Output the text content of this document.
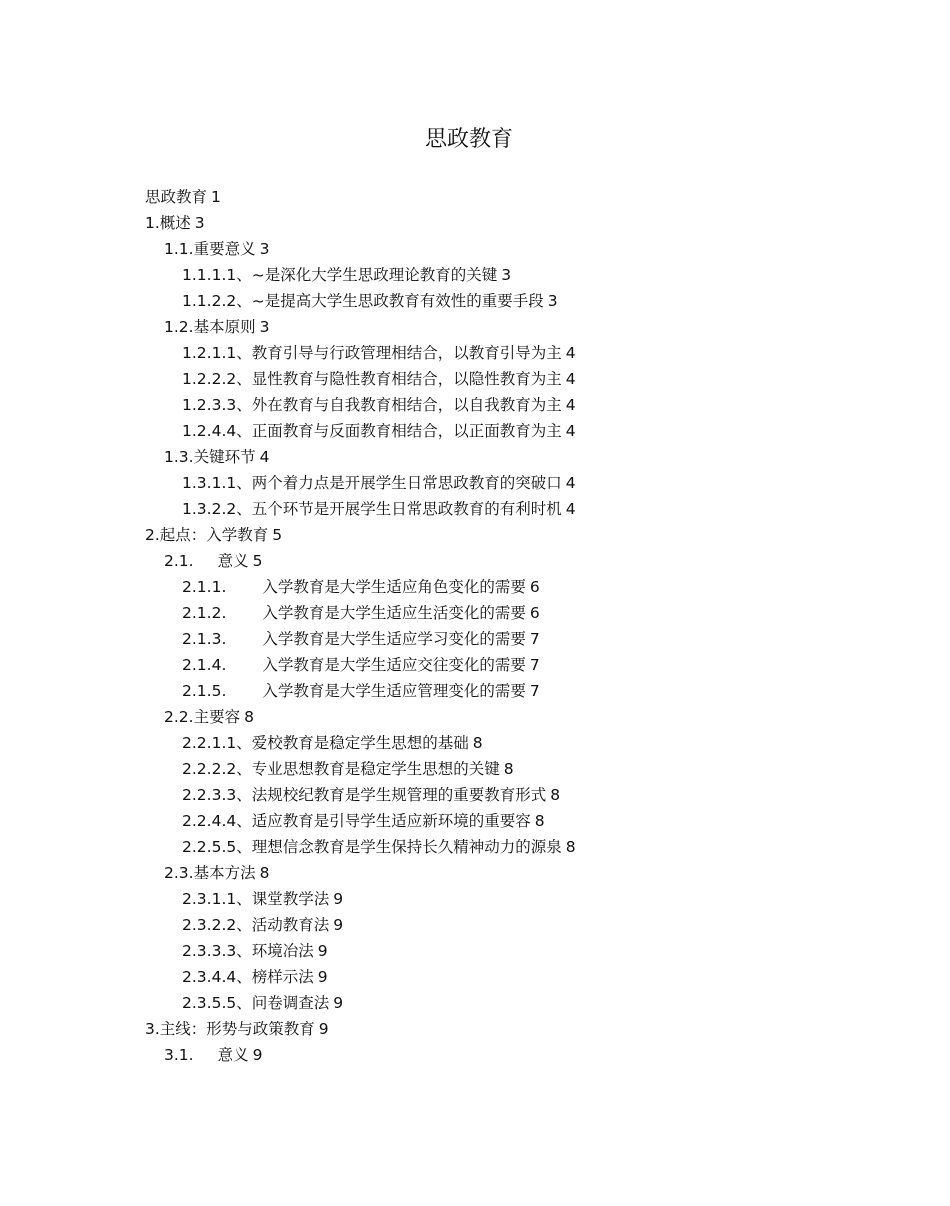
思政教育
思政教育 1
1.概述 3
1.1.重要意义 3
1.1.1.1、~是深化大学生思政理论教育的关键 3
1.1.2.2、~是提高大学生思政教育有效性的重要手段 3
1.2.基本原则 3
1.2.1.1、教育引导与行政管理相结合，以教育引导为主 4
1.2.2.2、显性教育与隐性教育相结合，以隐性教育为主 4
1.2.3.3、外在教育与自我教育相结合，以自我教育为主 4
1.2.4.4、正面教育与反面教育相结合，以正面教育为主 4
1.3.关键环节 4
1.3.1.1、两个着力点是开展学生日常思政教育的突破口 4
1.3.2.2、五个环节是开展学生日常思政教育的有利时机 4
2.起点：入学教育 5
2.1. 意义 5
2.1.1. 入学教育是大学生适应角色变化的需要 6
2.1.2. 入学教育是大学生适应生活变化的需要 6
2.1.3. 入学教育是大学生适应学习变化的需要 7
2.1.4. 入学教育是大学生适应交往变化的需要 7
2.1.5. 入学教育是大学生适应管理变化的需要 7
2.2.主要容 8
2.2.1.1、爱校教育是稳定学生思想的基础 8
2.2.2.2、专业思想教育是稳定学生思想的关键 8
2.2.3.3、法规校纪教育是学生规管理的重要教育形式 8
2.2.4.4、适应教育是引导学生适应新环境的重要容 8
2.2.5.5、理想信念教育是学生保持长久精神动力的源泉 8
2.3.基本方法 8
2.3.1.1、课堂教学法 9
2.3.2.2、活动教育法 9
2.3.3.3、环境冶法 9
2.3.4.4、榜样示法 9
2.3.5.5、问卷调查法 9
3.主线：形势与政策教育 9
3.1. 意义 9
